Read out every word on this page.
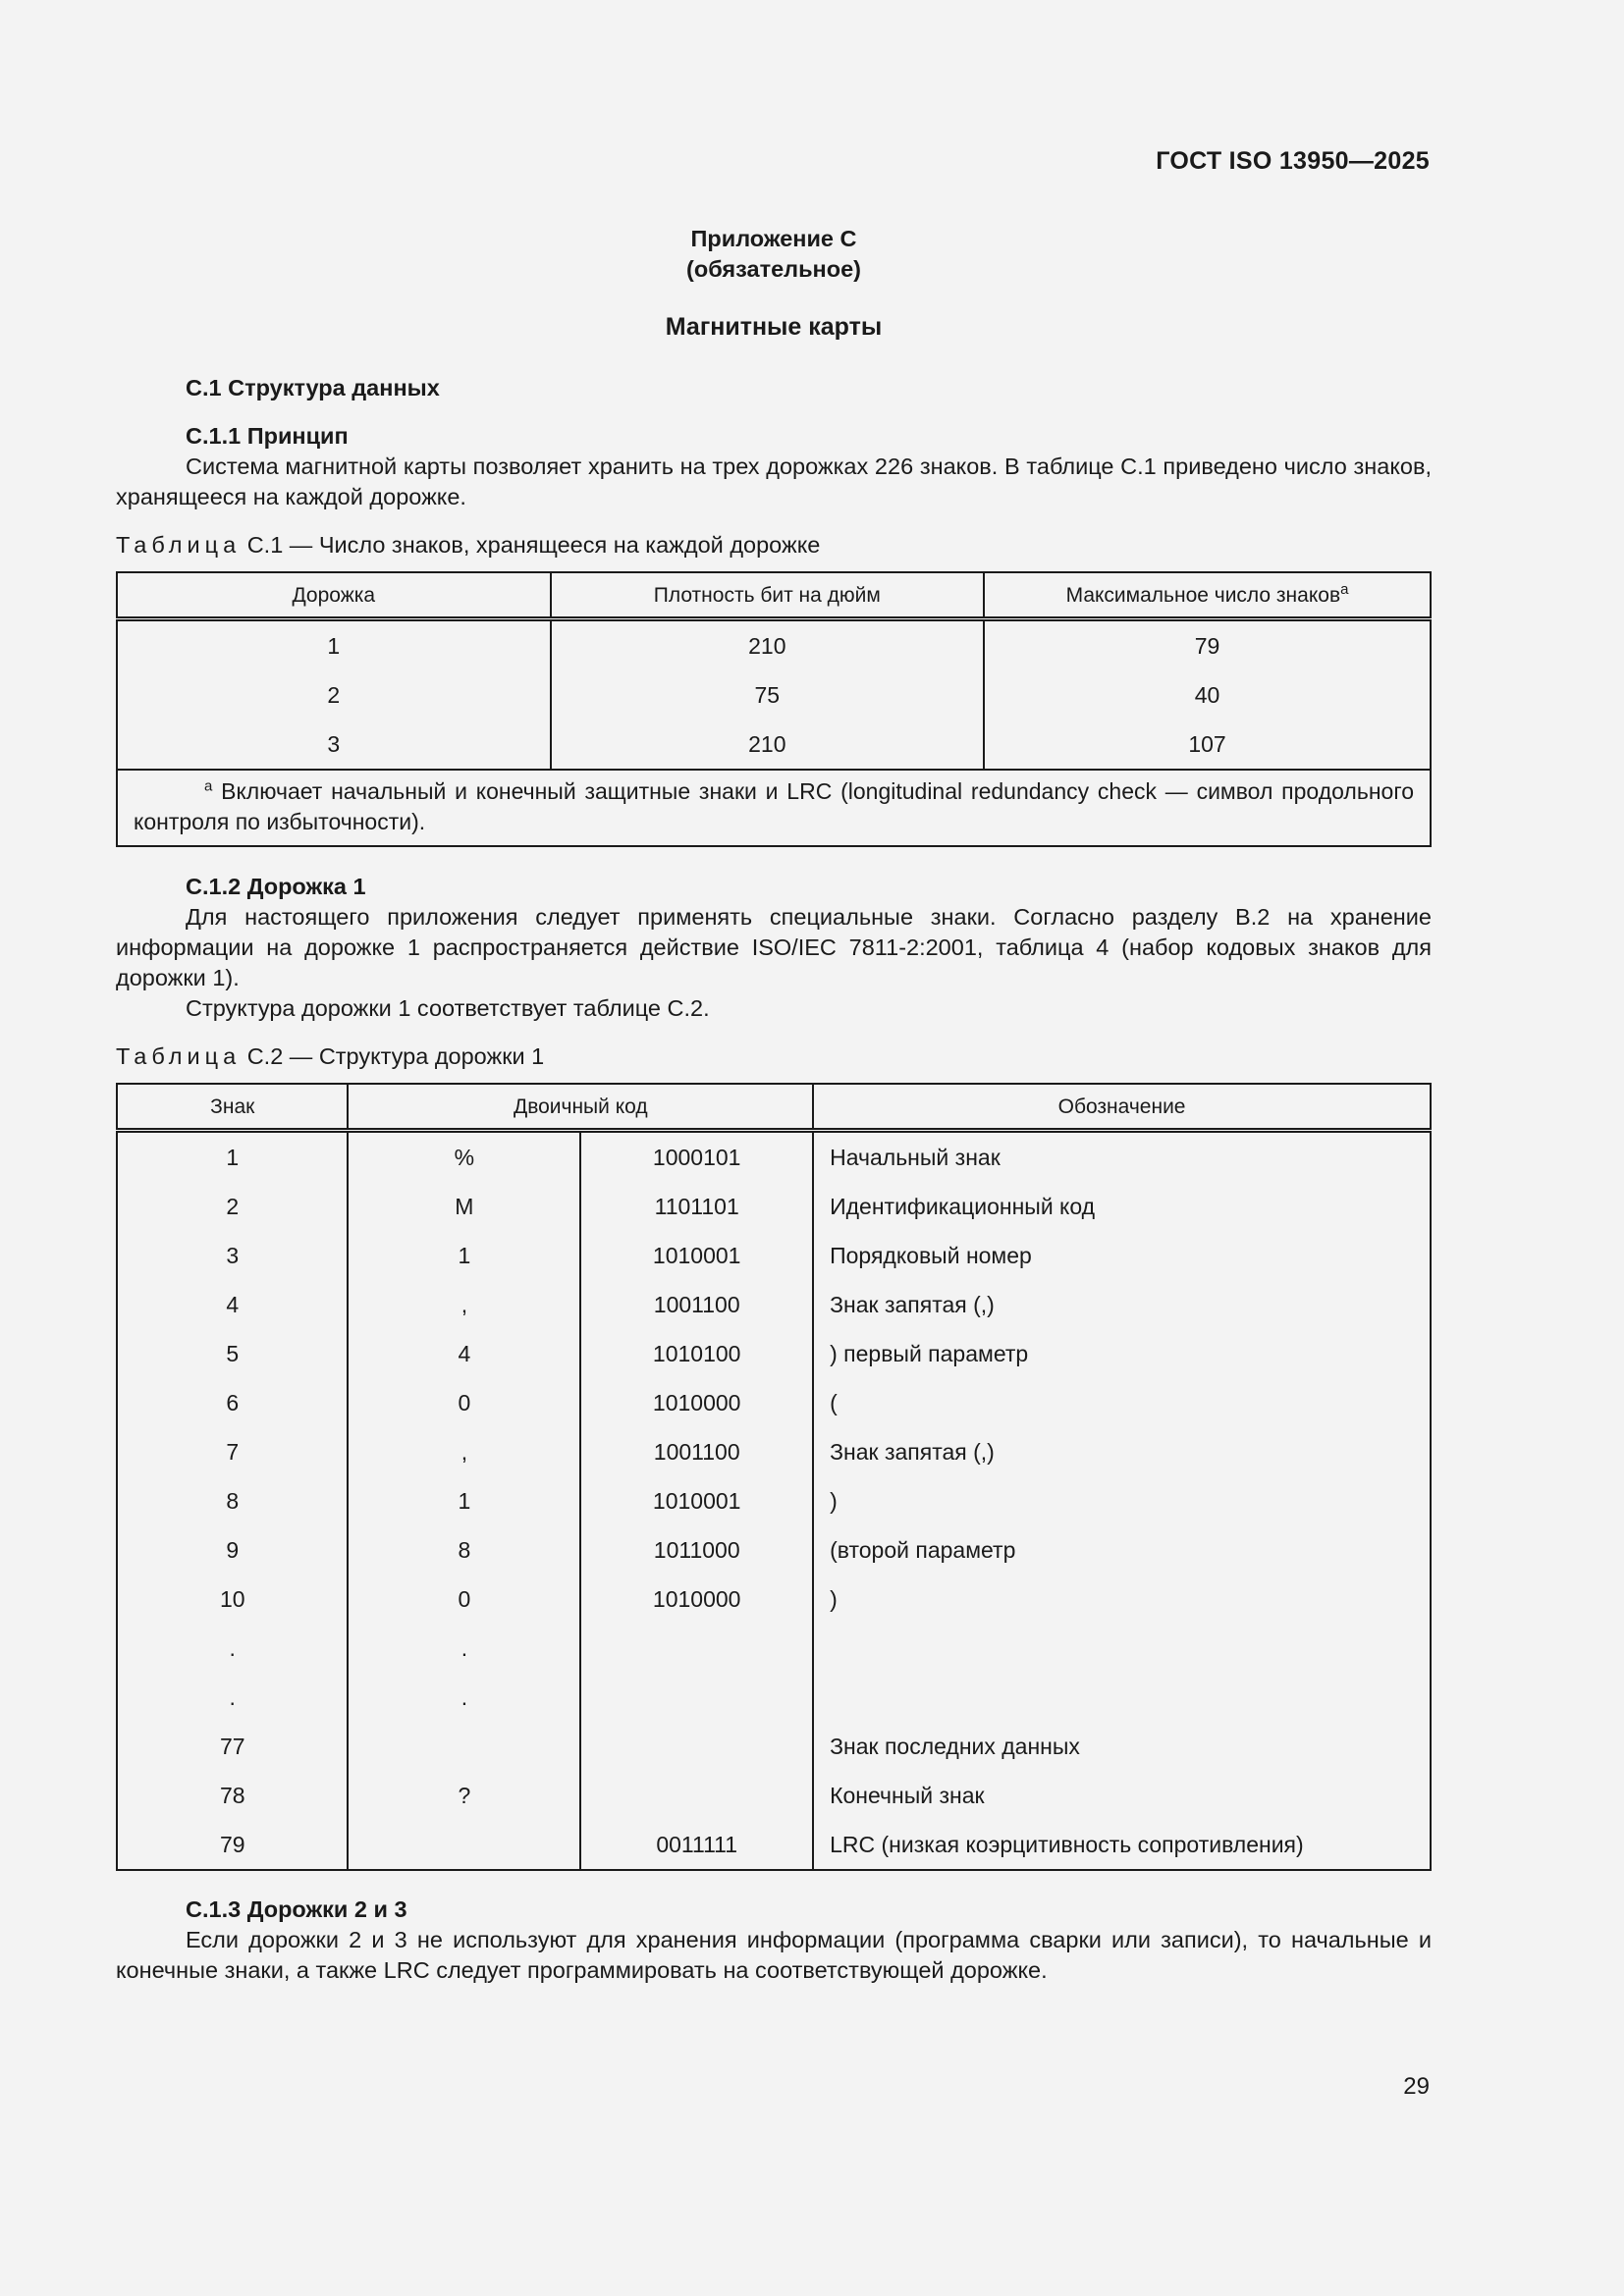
ГОСТ ISO 13950—2025
Приложение С
(обязательное)
Магнитные карты
С.1 Структура данных
С.1.1 Принцип

Система магнитной карты позволяет хранить на трех дорожках 226 знаков. В таблице С.1 приведено число знаков, хранящееся на каждой дорожке.

Таблица С.1 — Число знаков, хранящееся на каждой дорожке
Дорожка	Плотность бит на дюйм	Максимальное число знаков$^a$
1	210	79
2	75	40
3	210	107
$^a$ Включает начальный и конечный защитные знаки и LRC (longitudinal redundancy check — символ продольного контроля по избыточности).		
С.1.2 Дорожка 1

Для настоящего приложения следует применять специальные знаки. Согласно разделу В.2 на хранение информации на дорожке 1 распространяется действие ISO/IEC 7811-2:2001, таблица 4 (набор кодовых знаков для дорожки 1).

Структура дорожки 1 соответствует таблице С.2.

Таблица С.2 — Структура дорожки 1
Знак	Двоичный код		Обозначение
1	%	1000101	Начальный знак
2	M	1101101	Идентификационный код
3	1	1010001	Порядковый номер
4	,	1001100	Знак запятая (,)
5	4	1010100	) первый параметр
6	0	1010000	(
7	,	1001100	Знак запятая (,)
8	1	1010001	)
9	8	1011000	(второй параметр
10	0	1010000	)
.	.		
.	.		
77			Знак последних данных
78	?		Конечный знак
79		0011111	LRC (низкая коэрцитивность сопротивления)
С.1.3 Дорожки 2 и 3

Если дорожки 2 и 3 не используют для хранения информации (программа сварки или записи), то начальные и конечные знаки, а также LRC следует программировать на соответствующей дорожке.

29
